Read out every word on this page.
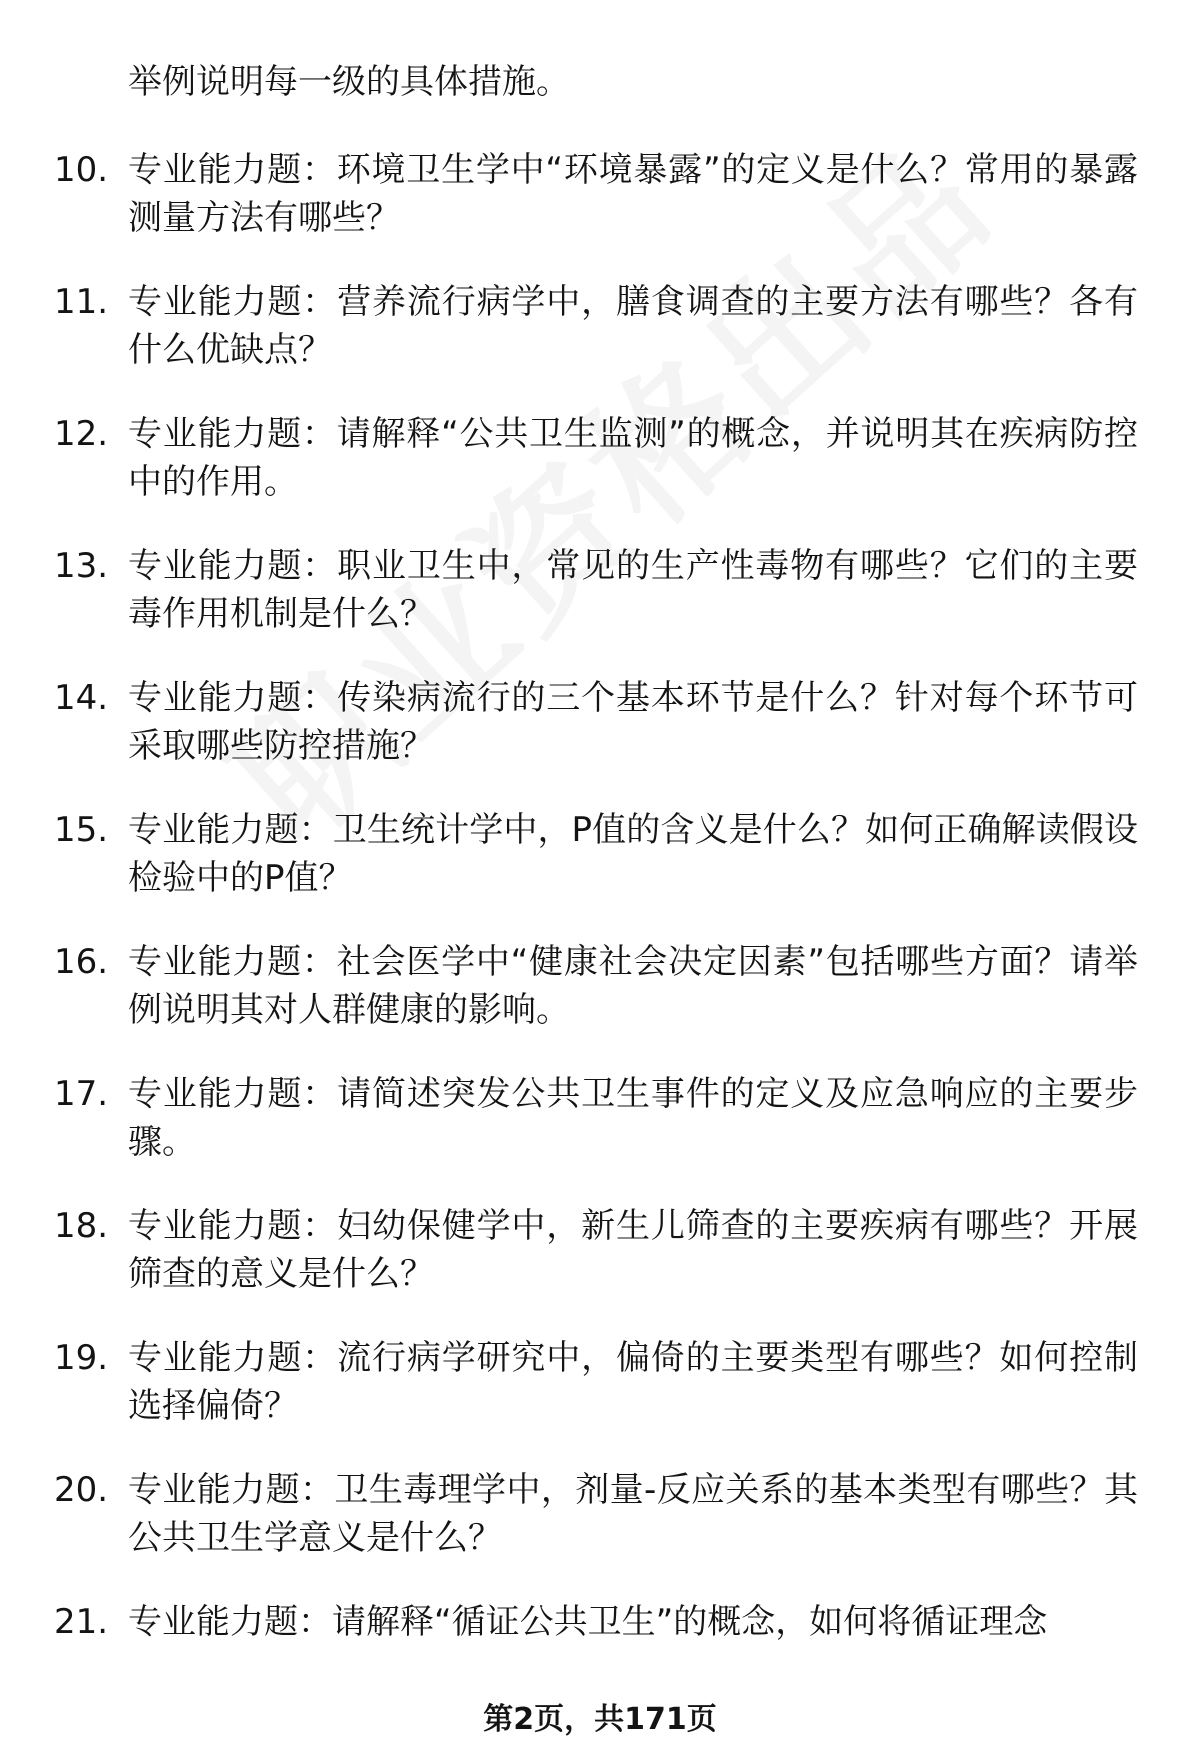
举例说明每一级的具体措施。
10. 专业能力题：环境卫生学中“环境暴露”的定义是什么？常用的暴露测量方法有哪些？
11. 专业能力题：营养流行病学中，膳食调查的主要方法有哪些？各有什么优缺点？
12. 专业能力题：请解释“公共卫生监测”的概念，并说明其在疾病防控中的作用。
13. 专业能力题：职业卫生中，常见的生产性毒物有哪些？它们的主要毒作用机制是什么？
14. 专业能力题：传染病流行的三个基本环节是什么？针对每个环节可采取哪些防控措施？
15. 专业能力题：卫生统计学中，P值的含义是什么？如何正确解读假设检验中的P值？
16. 专业能力题：社会医学中“健康社会决定因素”包括哪些方面？请举例说明其对人群健康的影响。
17. 专业能力题：请简述突发公共卫生事件的定义及应急响应的主要步骤。
18. 专业能力题：妇幼保健学中，新生儿筛查的主要疾病有哪些？开展筛查的意义是什么？
19. 专业能力题：流行病学研究中，偏倚的主要类型有哪些？如何控制选择偏倚？
20. 专业能力题：卫生毒理学中，剂量-反应关系的基本类型有哪些？其公共卫生学意义是什么？
21. 专业能力题：请解释“循证公共卫生”的概念，如何将循证理念
第2页，共171页
